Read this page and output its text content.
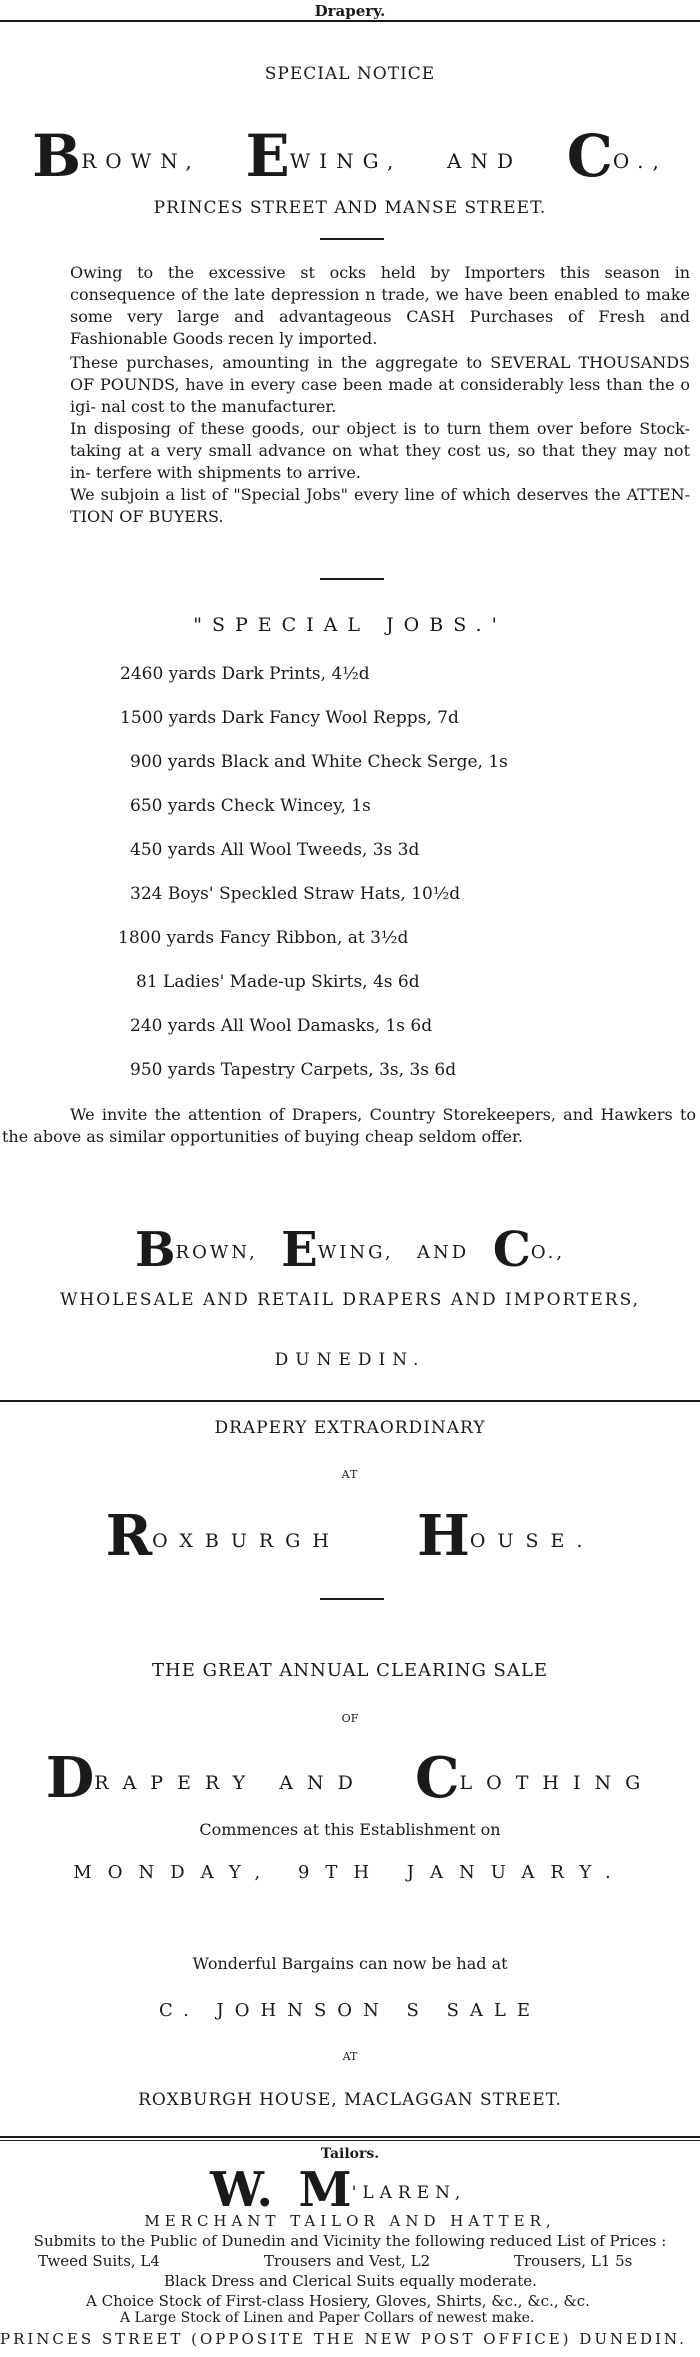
Drapery.
SPECIAL NOTICE
BROWN, EWING, AND CO.,
PRINCES STREET AND MANSE STREET.
Owing to the excessive st ocks held by Importers this season in consequence of the late depression n trade, we have been enabled to make some very large and advantageous CASH Purchases of Fresh and Fashionable Goods recen ly imported.
These purchases, amounting in the aggregate to SEVERAL THOUSANDS OF POUNDS, have in every case been made at considerably less than the o igi- nal cost to the manufacturer.
In disposing of these goods, our object is to turn them over before Stock- taking at a very small advance on what they cost us, so that they may not in- terfere with shipments to arrive.
We subjoin a list of "Special Jobs" every line of which deserves the ATTEN- TION OF BUYERS.
"SPECIAL JOBS.'
2460 yards Dark Prints, 4½d
1500 yards Dark Fancy Wool Repps, 7d
900 yards Black and White Check Serge, 1s
650 yards Check Wincey, 1s
450 yards All Wool Tweeds, 3s 3d
324 Boys' Speckled Straw Hats, 10½d
1800 yards Fancy Ribbon, at 3½d
81 Ladies' Made-up Skirts, 4s 6d
240 yards All Wool Damasks, 1s 6d
950 yards Tapestry Carpets, 3s, 3s 6d
We invite the attention of Drapers, Country Storekeepers, and Hawkers to the above as similar opportunities of buying cheap seldom offer.
BROWN, EWING, AND CO.,
WHOLESALE AND RETAIL DRAPERS AND IMPORTERS,
DUNEDIN.
DRAPERY EXTRAORDINARY
AT
ROXBURGH HOUSE.
THE GREAT ANNUAL CLEARING SALE
OF
DRAPERY AND CLOTHING
Commences at this Establishment on
MONDAY, 9TH JANUARY.
Wonderful Bargains can now be had at
C. JOHNSON S SALE
AT
ROXBURGH HOUSE, MACLAGGAN STREET.
Tailors.
W. M'LAREN,
MERCHANT TAILOR AND HATTER,
Submits to the Public of Dunedin and Vicinity the following reduced List of Prices :
Tweed Suits, L4	Trousers and Vest, L2	Trousers, L1 5s
Black Dress and Clerical Suits equally moderate.
A Choice Stock of First-class Hosiery, Gloves, Shirts, &c., &c., &c.
A Large Stock of Linen and Paper Collars of newest make.
PRINCES STREET (OPPOSITE THE NEW POST OFFICE) DUNEDIN.
